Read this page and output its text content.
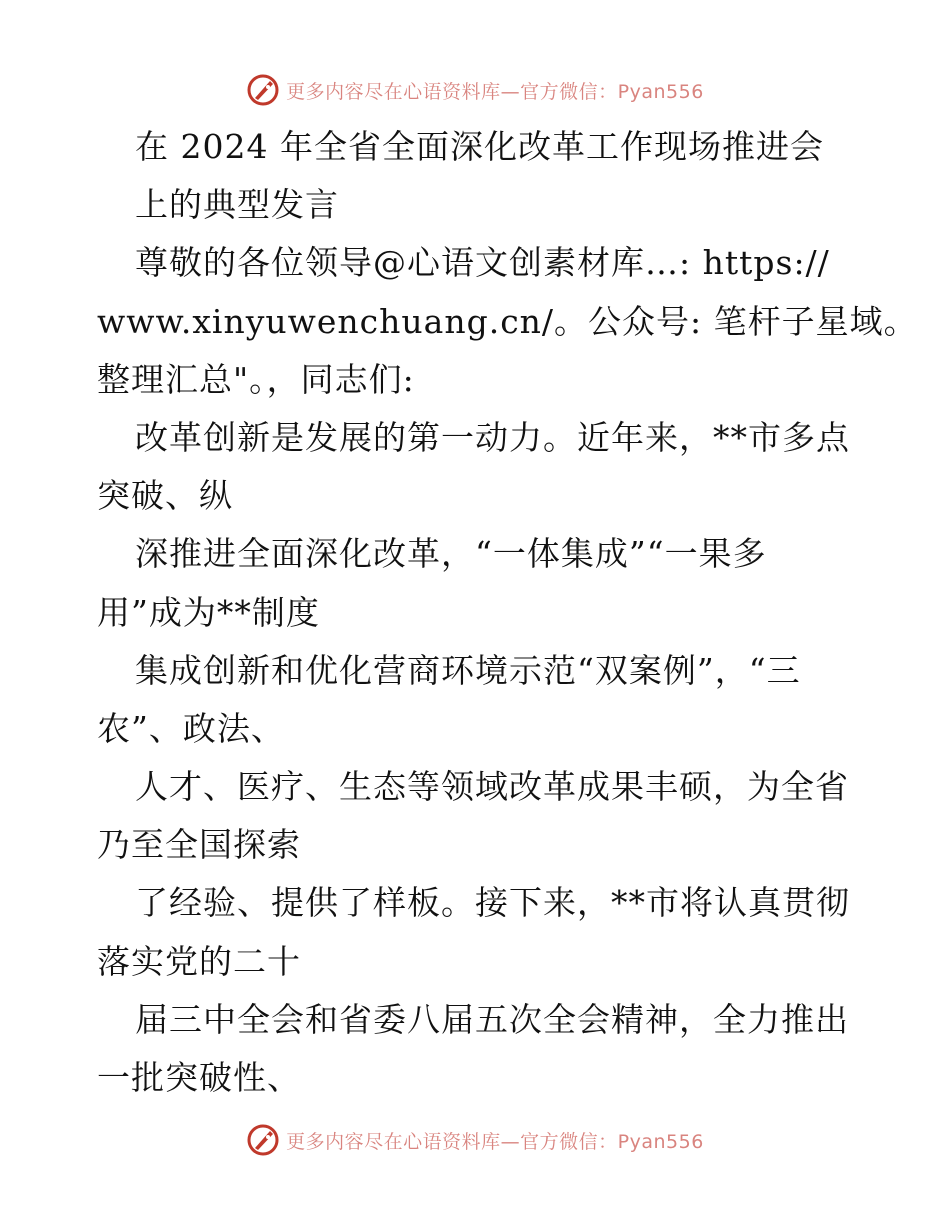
更多内容尽在心语资料库—官方微信：Pyan556
在 2024 年全省全面深化改革工作现场推进会
上的典型发言
尊敬的各位领导@心语文创素材库…: https://
www.xinyuwenchuang.cn/。公众号: 笔杆子星域。
整理汇总"。，同志们:
改革创新是发展的第一动力。近年来，**市多点
突破、纵
深推进全面深化改革，“一体集成”“一果多
用”成为**制度
集成创新和优化营商环境示范“双案例”，“三
农”、政法、
人才、医疗、生态等领域改革成果丰硕，为全省
乃至全国探索
了经验、提供了样板。接下来，**市将认真贯彻
落实党的二十
届三中全会和省委八届五次全会精神，全力推出
一批突破性、
更多内容尽在心语资料库—官方微信：Pyan556
